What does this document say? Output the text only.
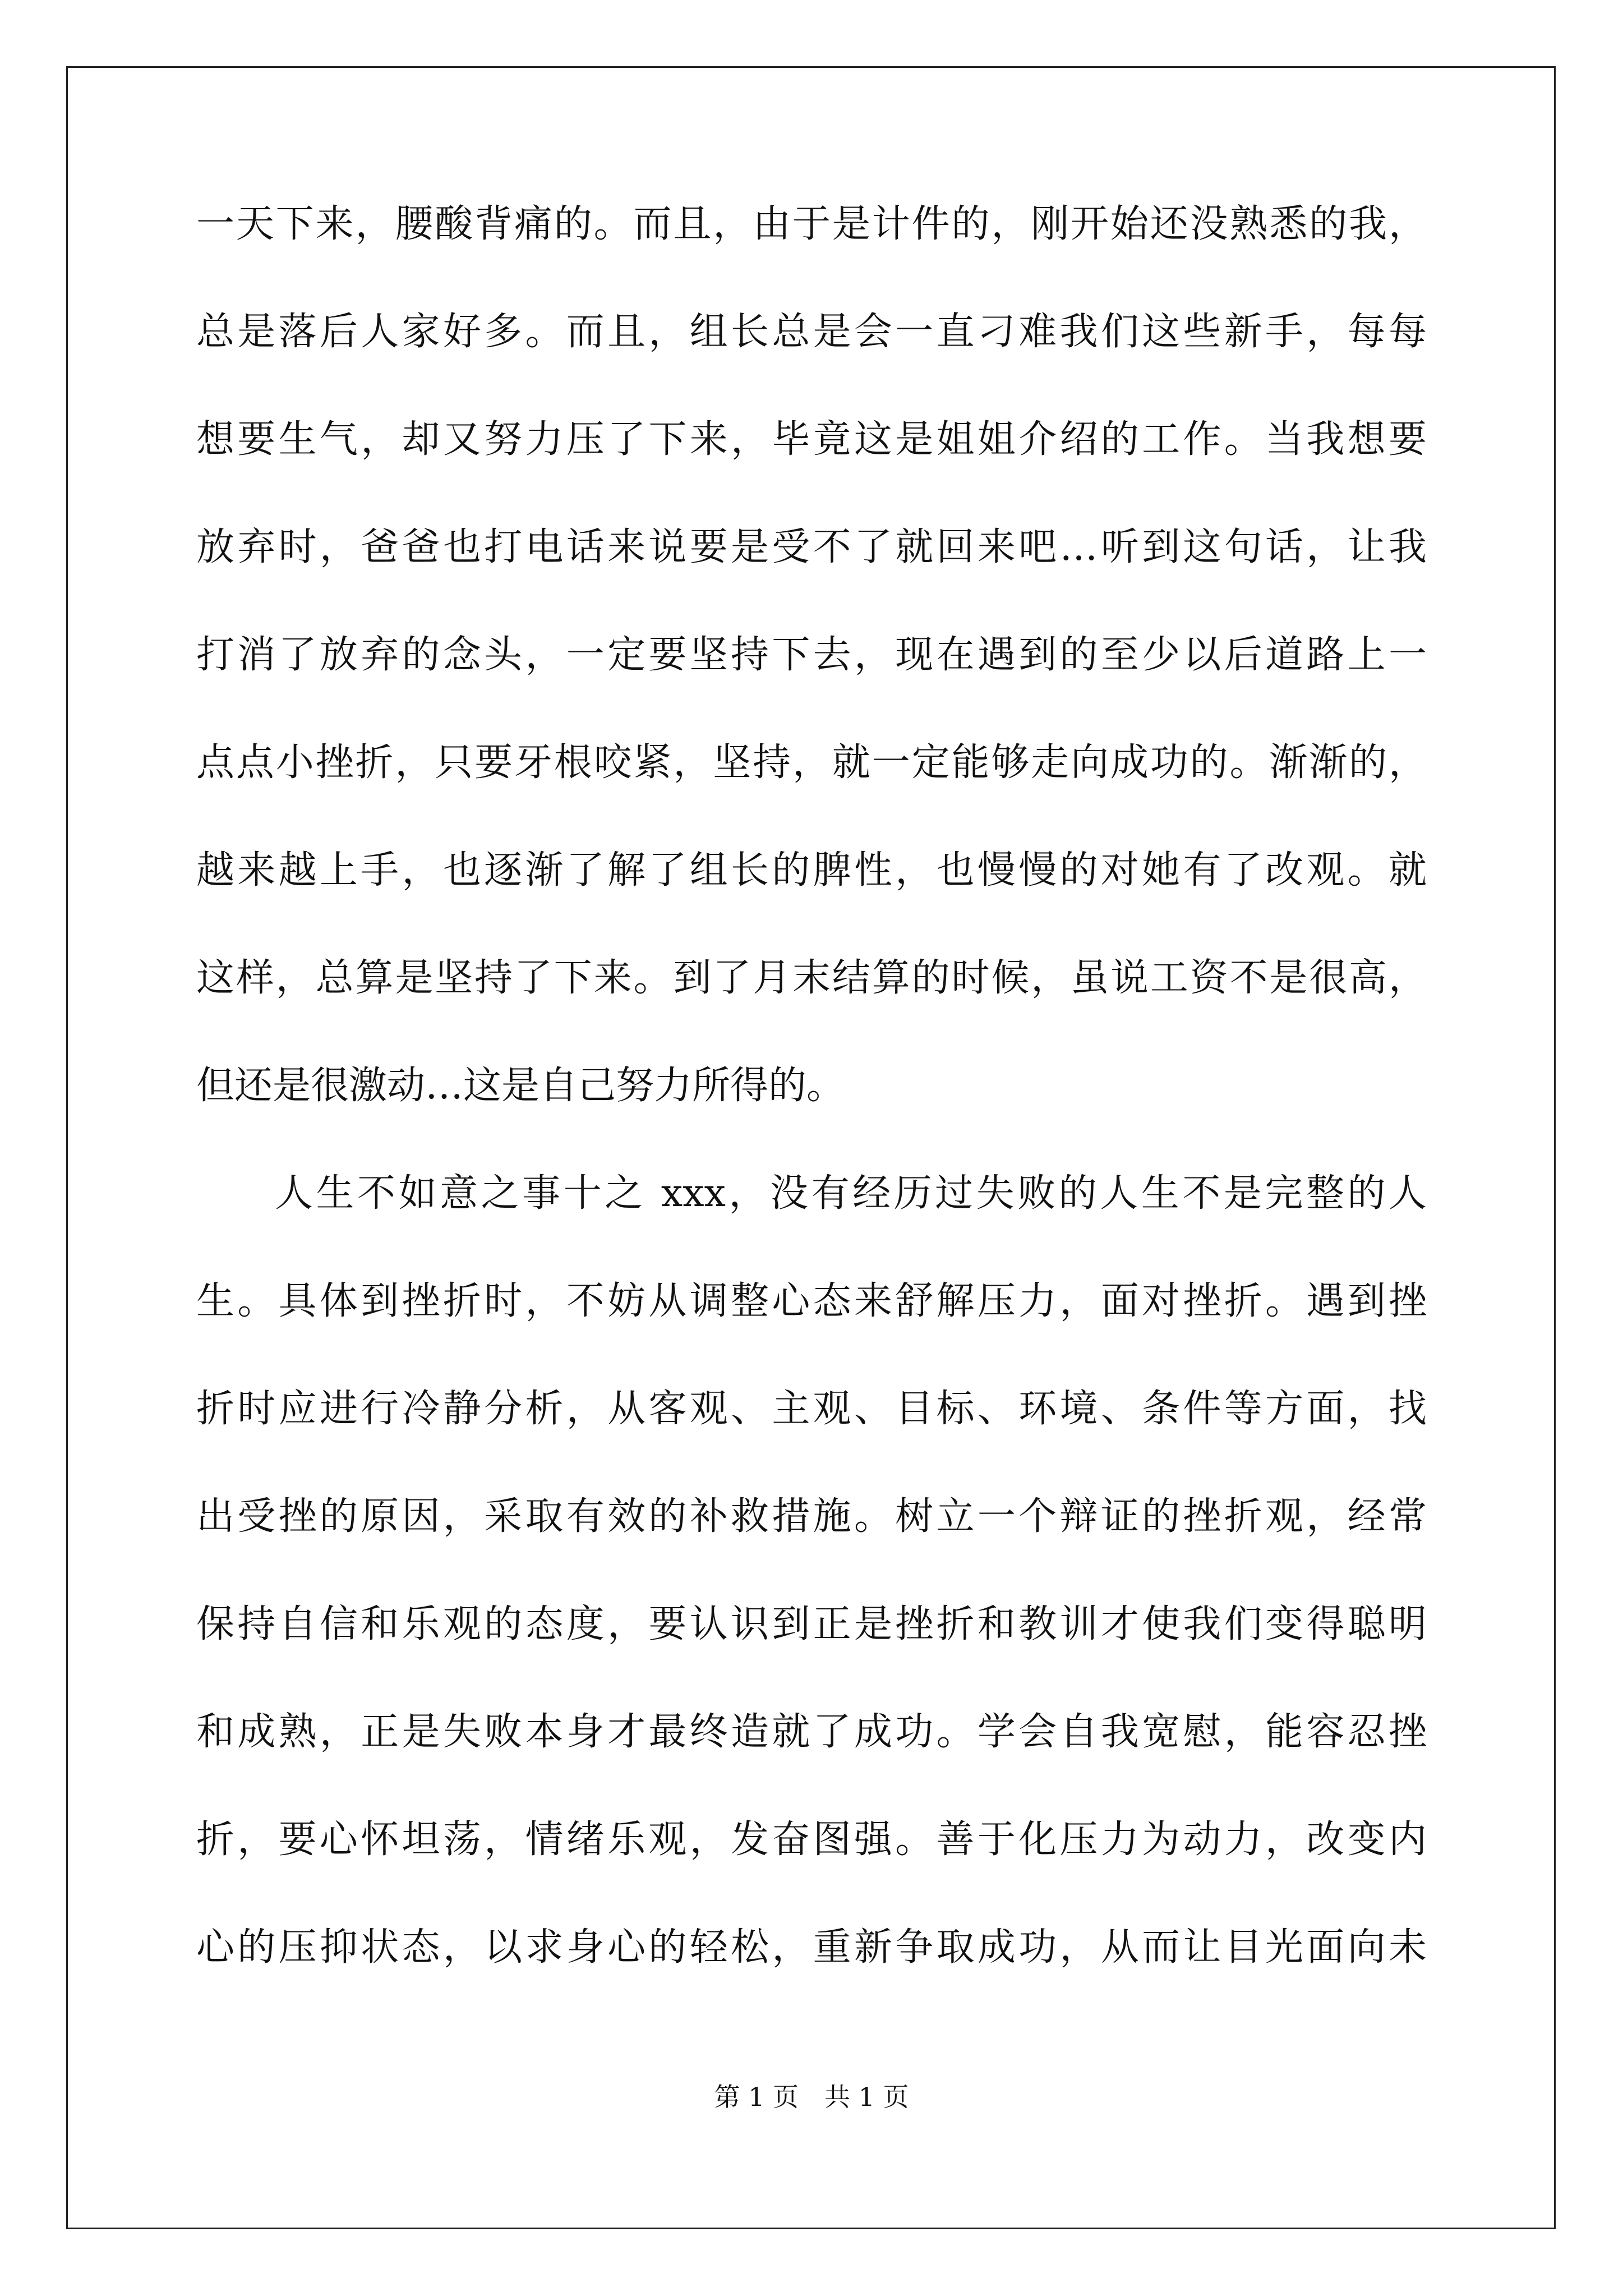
一天下来，腰酸背痛的。而且，由于是计件的，刚开始还没熟悉的我，
总是落后人家好多。而且，组长总是会一直刁难我们这些新手，每每
想要生气，却又努力压了下来，毕竟这是姐姐介绍的工作。当我想要
放弃时，爸爸也打电话来说要是受不了就回来吧…听到这句话，让我
打消了放弃的念头，一定要坚持下去，现在遇到的至少以后道路上一
点点小挫折，只要牙根咬紧，坚持，就一定能够走向成功的。渐渐的，
越来越上手，也逐渐了解了组长的脾性，也慢慢的对她有了改观。就
这样，总算是坚持了下来。到了月末结算的时候，虽说工资不是很高，
但还是很激动…这是自己努力所得的。
人生不如意之事十之 xxx，没有经历过失败的人生不是完整的人
生。具体到挫折时，不妨从调整心态来舒解压力，面对挫折。遇到挫
折时应进行冷静分析，从客观、主观、目标、环境、条件等方面，找
出受挫的原因，采取有效的补救措施。树立一个辩证的挫折观，经常
保持自信和乐观的态度，要认识到正是挫折和教训才使我们变得聪明
和成熟，正是失败本身才最终造就了成功。学会自我宽慰，能容忍挫
折，要心怀坦荡，情绪乐观，发奋图强。善于化压力为动力，改变内
心的压抑状态，以求身心的轻松，重新争取成功，从而让目光面向未
第 1 页　共 1 页
